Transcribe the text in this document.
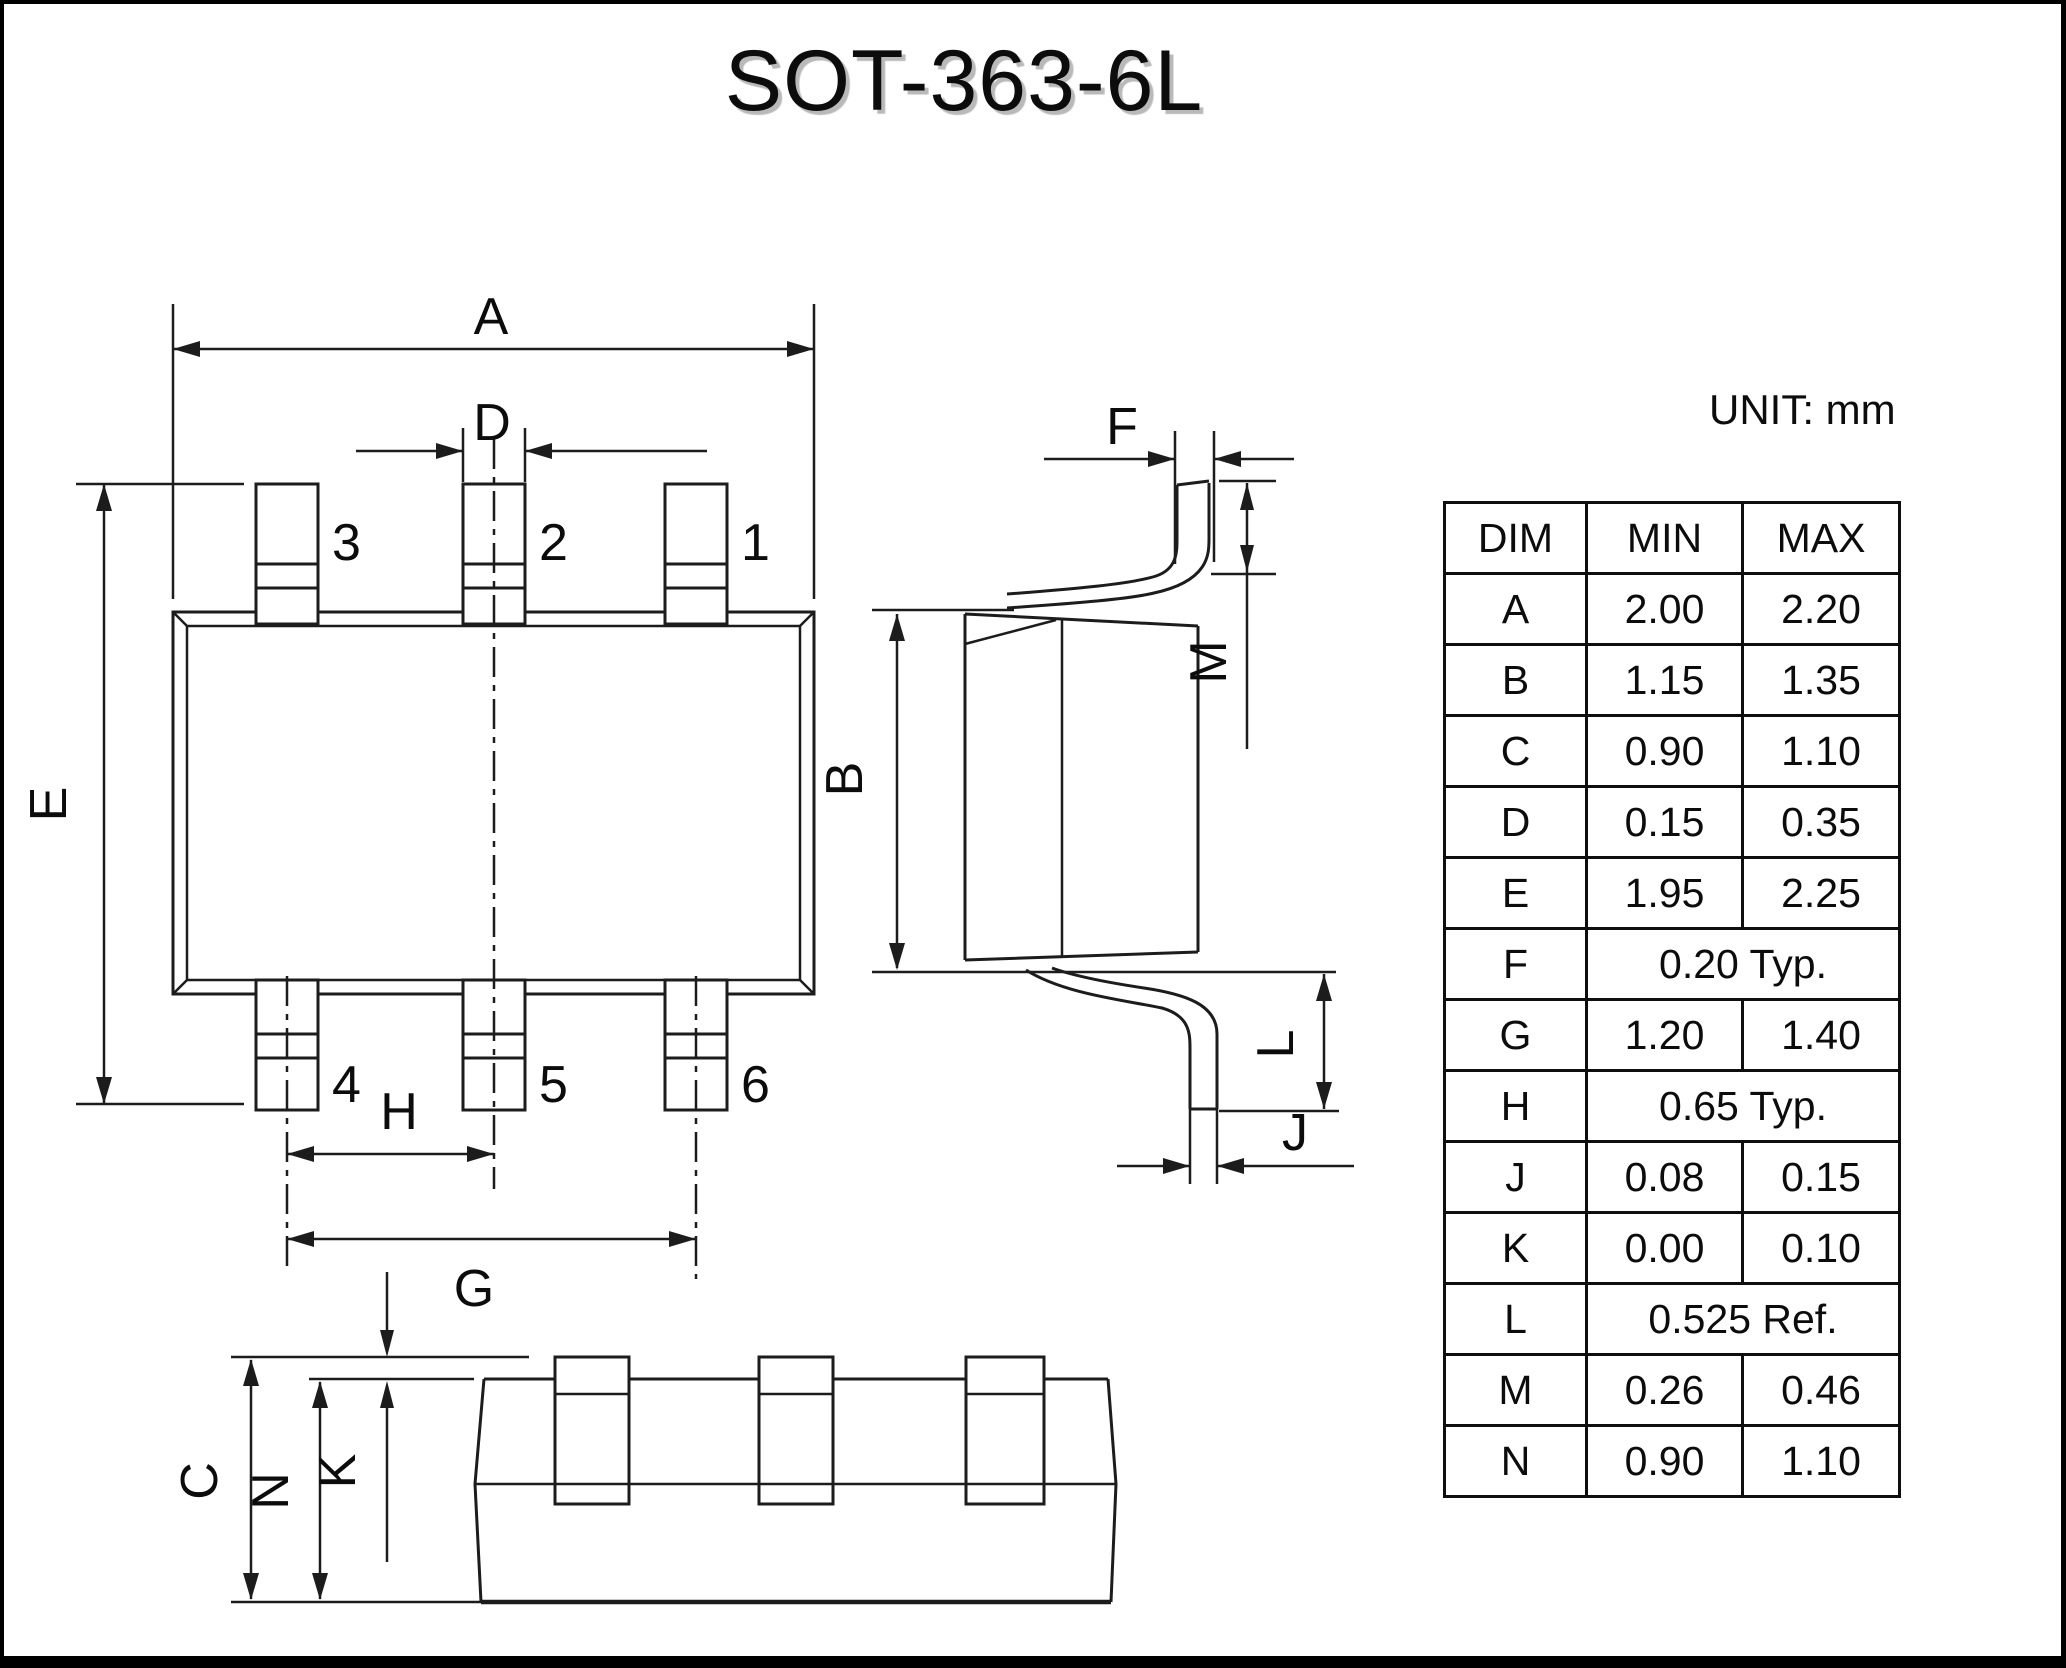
SOT-363-6L
UNIT: mm
A
D
E
H
G
3	2	1
4	5	6
B
F
M
L
J
C N
K
DIM	MIN	MAX
A	2.00	2.20
B	1.15	1.35
C	0.90	1.10
D	0.15	0.35
E	1.95	2.25
F	0.20 Typ.	
G	1.20	1.40
H	0.65 Typ.	
J	0.08	0.15
K	0.00	0.10
L	0.525 Ref.	
M	0.26	0.46
N	0.90	1.10
